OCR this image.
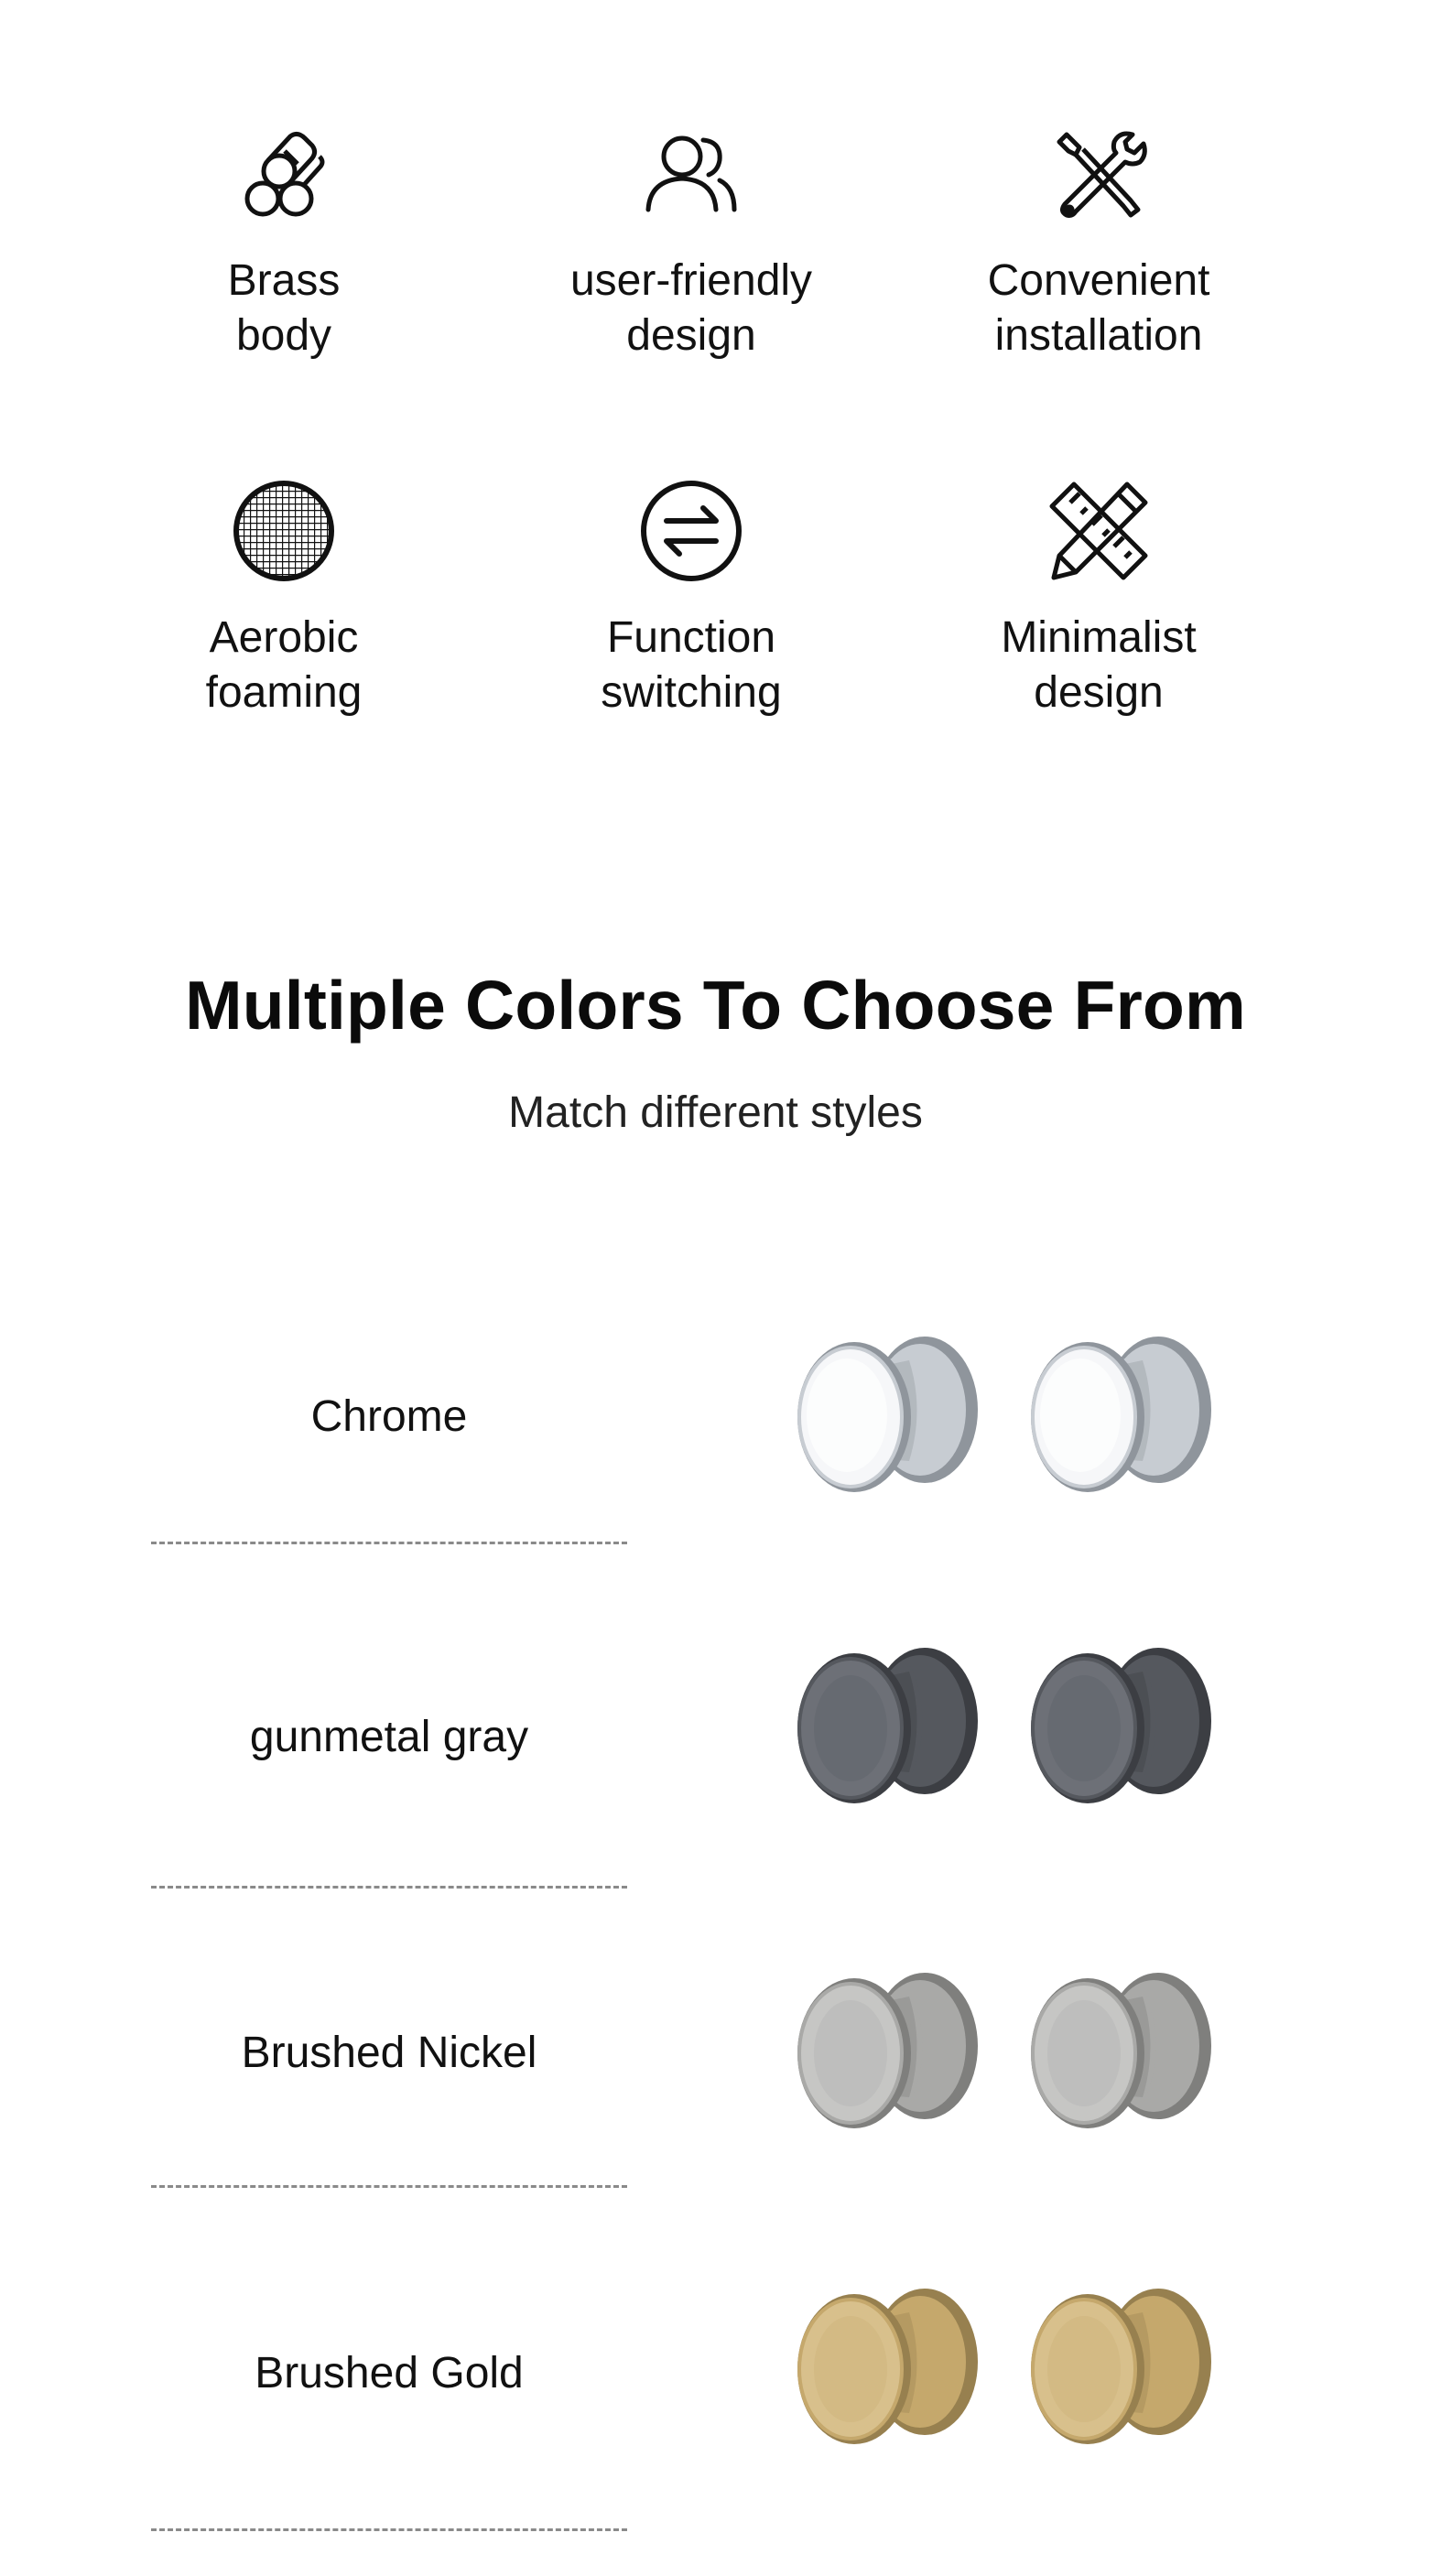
Brass
body
user-friendly
design
Convenient
installation
Aerobic
foaming
Function
switching
Minimalist
design
Multiple Colors To Choose From
Match different styles
Chrome
gunmetal gray
Brushed Nickel
Brushed Gold
